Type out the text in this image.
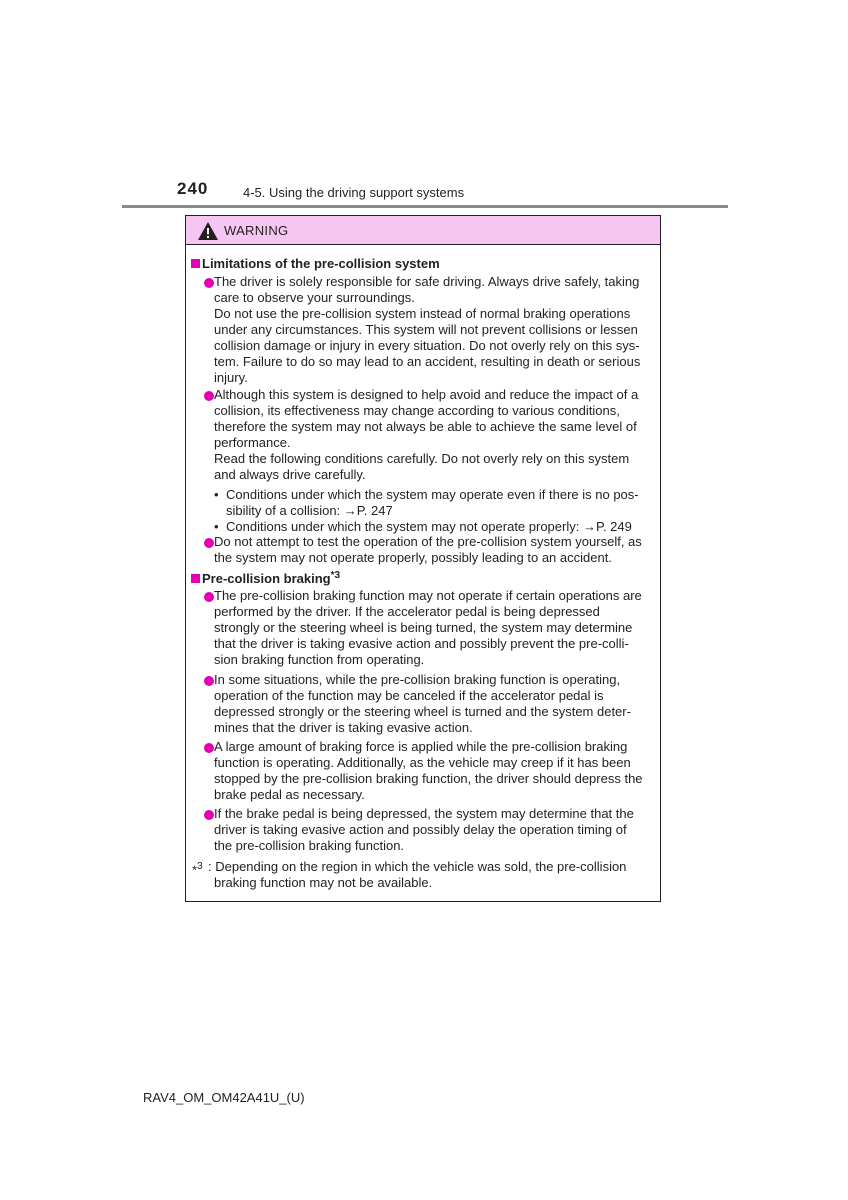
240	4-5. Using the driving support systems
WARNING
Limitations of the pre-collision system
The driver is solely responsible for safe driving. Always drive safely, taking
care to observe your surroundings.
Do not use the pre-collision system instead of normal braking operations
under any circumstances. This system will not prevent collisions or lessen
collision damage or injury in every situation. Do not overly rely on this sys-
tem. Failure to do so may lead to an accident, resulting in death or serious
injury.
Although this system is designed to help avoid and reduce the impact of a
collision, its effectiveness may change according to various conditions,
therefore the system may not always be able to achieve the same level of
performance.
Read the following conditions carefully. Do not overly rely on this system
and always drive carefully.
• Conditions under which the system may operate even if there is no pos-
sibility of a collision: →P. 247
• Conditions under which the system may not operate properly: →P. 249
Do not attempt to test the operation of the pre-collision system yourself, as
the system may not operate properly, possibly leading to an accident.
Pre-collision braking$^{*3}$
The pre-collision braking function may not operate if certain operations are
performed by the driver. If the accelerator pedal is being depressed
strongly or the steering wheel is being turned, the system may determine
that the driver is taking evasive action and possibly prevent the pre-colli-
sion braking function from operating.
In some situations, while the pre-collision braking function is operating,
operation of the function may be canceled if the accelerator pedal is
depressed strongly or the steering wheel is turned and the system deter-
mines that the driver is taking evasive action.
A large amount of braking force is applied while the pre-collision braking
function is operating. Additionally, as the vehicle may creep if it has been
stopped by the pre-collision braking function, the driver should depress the
brake pedal as necessary.
If the brake pedal is being depressed, the system may determine that the
driver is taking evasive action and possibly delay the operation timing of
the pre-collision braking function.
*$^3$ : Depending on the region in which the vehicle was sold, the pre-collision
braking function may not be available.
RAV4_OM_OM42A41U_(U)
